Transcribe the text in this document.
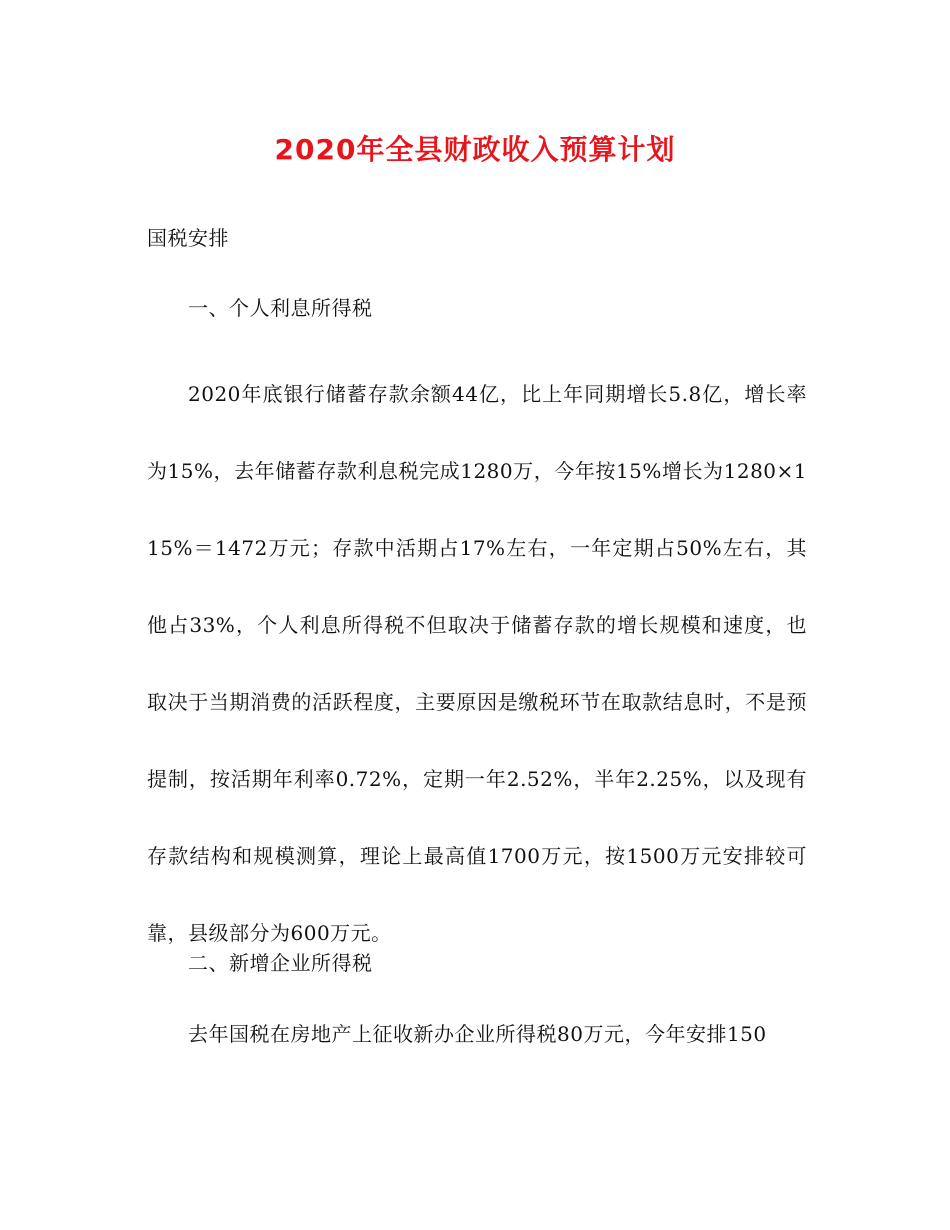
2020年全县财政收入预算计划
国税安排
一、个人利息所得税
2020年底银行储蓄存款余额44亿，比上年同期增长5.8亿，增长率为15%，去年储蓄存款利息税完成1280万，今年按15%增长为1280×115%＝1472万元；存款中活期占17%左右，一年定期占50%左右，其他占33%，个人利息所得税不但取决于储蓄存款的增长规模和速度，也取决于当期消费的活跃程度，主要原因是缴税环节在取款结息时，不是预提制，按活期年利率0.72%，定期一年2.52%，半年2.25%，以及现有存款结构和规模测算，理论上最高值1700万元，按1500万元安排较可靠，县级部分为600万元。
二、新增企业所得税
去年国税在房地产上征收新办企业所得税80万元，今年安排150
